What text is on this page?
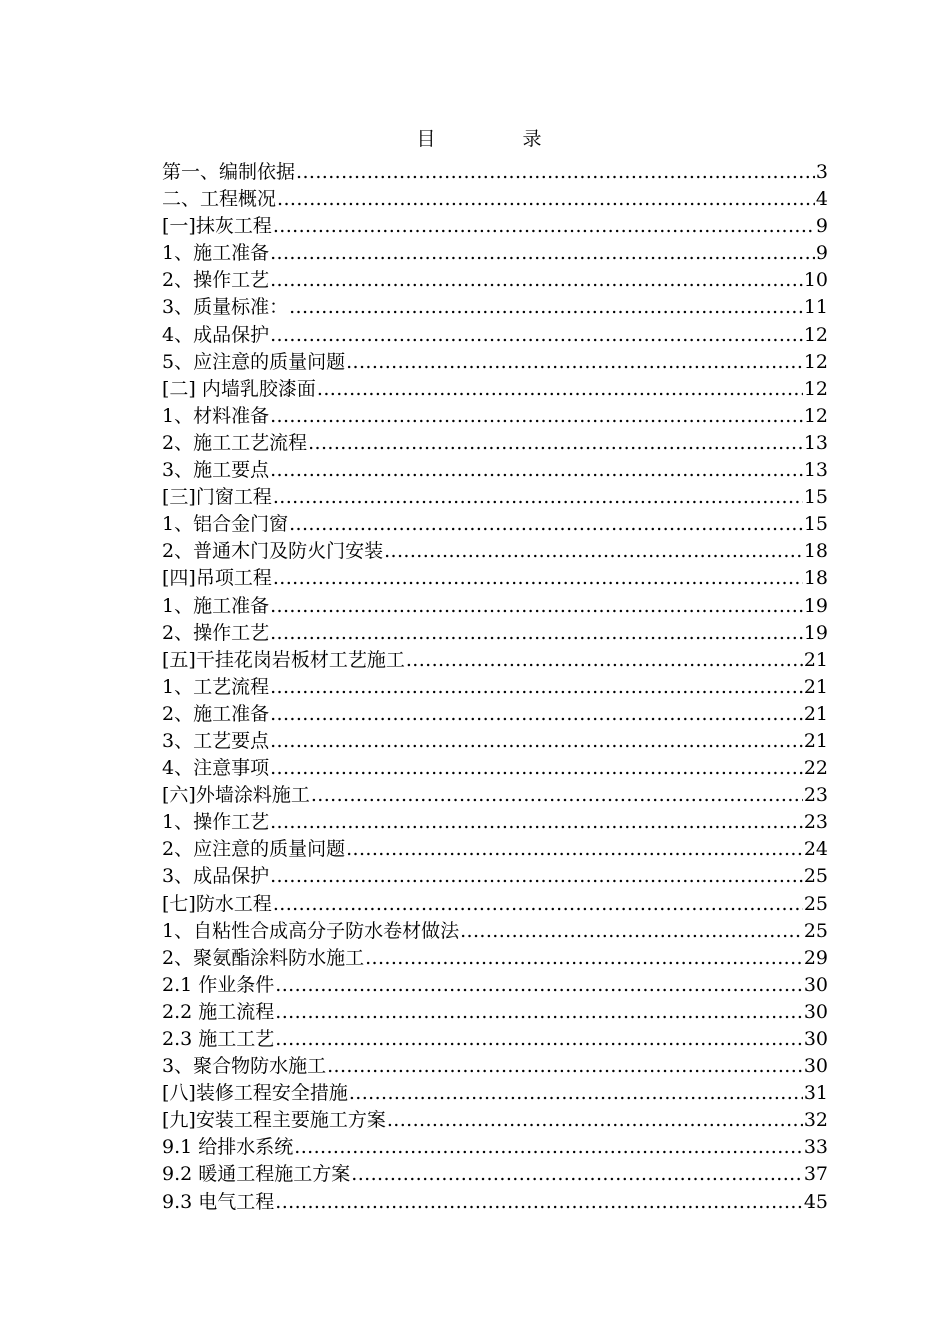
目　录
第一、编制依据 .....	3
二、工程概况 .....	4
[一]抹灰工程 .....	9
1、施工准备 .....	9
2、操作工艺 .....	10
3、质量标准： .....	11
4、成品保护 .....	12
5、应注意的质量问题 .....	12
[二] 内墙乳胶漆面 .....	12
1、材料准备 .....	12
2、施工工艺流程 .....	13
3、施工要点 .....	13
[三]门窗工程 .....	15
1、铝合金门窗 .....	15
2、普通木门及防火门安装 .....	18
[四]吊项工程 .....	18
1、施工准备 .....	19
2、操作工艺 .....	19
[五]干挂花岗岩板材工艺施工 .....	21
1、工艺流程 .....	21
2、施工准备 .....	21
3、工艺要点 .....	21
4、注意事项 .....	22
[六]外墙涂料施工 .....	23
1、操作工艺 .....	23
2、应注意的质量问题 .....	24
3、成品保护 .....	25
[七]防水工程 .....	25
1、自粘性合成高分子防水卷材做法 .....	25
2、聚氨酯涂料防水施工 .....	29
2.1 作业条件 .....	30
2.2 施工流程 .....	30
2.3 施工工艺 .....	30
3、聚合物防水施工 .....	30
[八]装修工程安全措施 .....	31
[九]安装工程主要施工方案 .....	32
9.1 给排水系统 .....	33
9.2 暖通工程施工方案 .....	37
9.3 电气工程 .....	45
